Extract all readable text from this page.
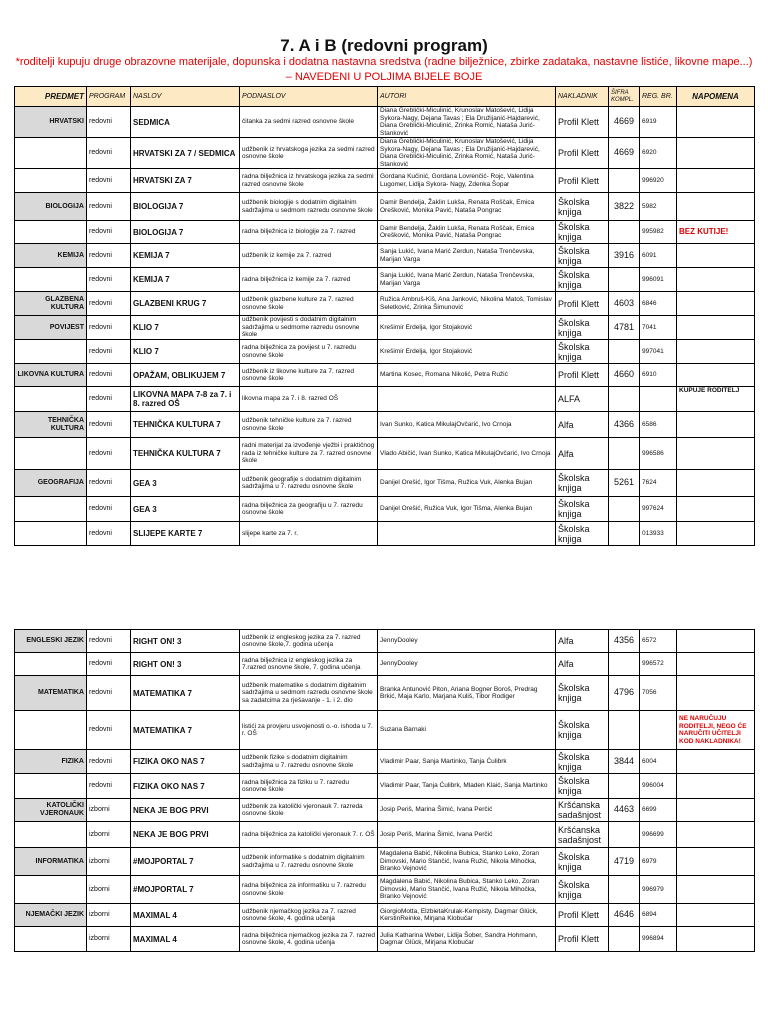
7. A i B (redovni program)
*roditelji kupuju druge obrazovne materijale, dopunska i dodatna nastavna sredstva (radne bilježnice, zbirke zadataka, nastavne listiće, likovne mape...) – NAVEDENI U POLJIMA BIJELE BOJE
PREDMET	PROGRAM	NASLOV	PODNASLOV	AUTORI	NAKLADNIK	ŠIFRA KOMPL.	REG. BR.	NAPOMENA
HRVATSKI	redovni	SEDMICA	čitanka za sedmi razred osnovne škole	Diana Greblički-Miculinić, Krunoslav Matošević, Lidija Sykora-Nagy, Dejana Tavas ; Ela Družijanić-Hajdarević, Diana Greblički-Miculinić, Zrinka Romić, Nataša Jurić-Stanković	Profil Klett	4669	6919	
	redovni	HRVATSKI ZA 7 / SEDMICA	udžbenik iz hrvatskoga jezika za sedmi razred osnovne škole	Diana Greblički-Miculinić, Krunoslav Matošević, Lidija Sykora-Nagy, Dejana Tavas ; Ela Družijanić-Hajdarević, Diana Greblički-Miculinić, Zrinka Romić, Nataša Jurić-Stanković	Profil Klett	4669	6920	
	redovni	HRVATSKI ZA 7	radna bilježnica iz hrvatskoga jezika za sedmi razred osnovne škole	Gordana Kučinić, Gordana Lovrenčić- Rojc, Valentina Lugomer, Lidija Sykora- Nagy, Zdenka Šopar	Profil Klett		996920	
BIOLOGIJA	redovni	BIOLOGIJA 7	udžbenik biologije s dodatnim digitalnim sadržajima u sedmom razredu osnovne škole	Damir Bendelja, Žaklin Lukša, Renata Roščak, Emica Orešković, Monika Pavić, Nataša Pongrac	Školska knjiga	3822	5982	
	redovni	BIOLOGIJA 7	radna bilježnica iz biologije za 7. razred	Damir Bendelja, Žaklin Lukša, Renata Roščak, Emica Orešković, Monika Pavić, Nataša Pongrac	Školska knjiga		995982	BEZ KUTIJE!
KEMIJA	redovni	KEMIJA 7	udžbenik iz kemije za 7. razred	Sanja Lukić, Ivana Marić Zerdun, Nataša Trenčevska, Marijan Varga	Školska knjiga	3916	6091	
	redovni	KEMIJA 7	radna bilježnica iz kemije za 7. razred	Sanja Lukić, Ivana Marić Zerdun, Nataša Trenčevska, Marijan Varga	Školska knjiga		996091	
GLAZBENA KULTURA	redovni	GLAZBENI KRUG 7	udžbenik glazbene kulture za 7. razred osnovne škole	Ružica Ambruš-Kiš, Ana Janković, Nikolina Matoš, Tomislav Seletković, Zrinka Šimunović	Profil Klett	4603	6846	
POVIJEST	redovni	KLIO 7	udžbenik povijesti s dodatnim digitalnim sadržajima u sedmome razredu osnovne škole	Krešimir Erdelja, Igor Stojaković	Školska knjiga	4781	7041	
	redovni	KLIO 7	radna bilježnica za povijest u 7. razredu osnovne škole	Krešimir Erdelja, Igor Stojaković	Školska knjiga		997041	
LIKOVNA KULTURA	redovni	OPAŽAM, OBLIKUJEM 7	udžbenik iz likovne kulture za 7. razred osnovne škole	Martina Kosec, Romana Nikolić, Petra Ružić	Profil Klett	4660	6910	
	redovni	LIKOVNA MAPA 7-8 za 7. i 8. razred OŠ	likovna mapa za 7. i 8. razred OŠ		ALFA			KUPUJE RODITELJ
TEHNIČKA KULTURA	redovni	TEHNIČKA KULTURA 7	udžbenik tehničke kulture za 7. razred osnovne škole	Ivan Sunko, Katica MikulajOvčarić, Ivo Crnoja	Alfa	4366	6586	
	redovni	TEHNIČKA KULTURA 7	radni materijal za izvođenje vježbi i praktičnog rada iz tehničke kulture za 7. razred osnovne škole	Vlado Abičić, Ivan Sunko, Katica MikulajOvčarić, Ivo Crnoja	Alfa		996586	
GEOGRAFIJA	redovni	GEA 3	udžbenik geografije s dodatnim digitalnim sadržajima u 7. razredu osnovne škole	Danijel Orešić, Igor Tišma, Ružica Vuk, Alenka Bujan	Školska knjiga	5261	7624	
	redovni	GEA 3	radna bilježnica za geografiju u 7. razredu osnovne škole	Danijel Orešić, Ružica Vuk, Igor Tišma, Alenka Bujan	Školska knjiga		997624	
	redovni	SLIJEPE KARTE 7	slijepe karte za 7. r.		Školska knjiga		013933	
ENGLESKI JEZIK	redovni	RIGHT ON! 3	udžbenik iz engleskog jezika za 7. razred osnovne škole,7. godina učenja	JennyDooley	Alfa	4356	6572	
	redovni	RIGHT ON! 3	radna bilježnica iz engleskog jezika za 7.razred osnovne škole, 7. godina učenja	JennyDooley	Alfa		996572	
MATEMATIKA	redovni	MATEMATIKA 7	udžbenik matematike s dodatnim digitalnim sadržajima u sedmom razredu osnovne škole sa zadatcima za rješavanje - 1. i 2. dio	Branka Antunović Piton, Ariana Bogner Boroš, Predrag Brkić, Maja Karlo, Marjana Kuliš, Tibor Rodiger	Školska knjiga	4796	7056	
	redovni	MATEMATIKA 7	listići za provjeru usvojenosti o.-o. ishoda u 7. r. OŠ	Suzana Barnaki	Školska knjiga			NE NARUČUJU RODITELJI, NEGO ĆE NARUČITI UČITELJI KOD NAKLADNIKA!
FIZIKA	redovni	FIZIKA OKO NAS 7	udžbenik fizike s dodatnim digitalnim sadržajima u 7. razredu osnovne škole	Vladimir Paar, Sanja Martinko, Tanja Ćulibrk	Školska knjiga	3844	6004	
	redovni	FIZIKA OKO NAS 7	radna bilježnica za fiziku u 7. razredu osnovne škole	Vladimir Paar, Tanja Ćulibrk, Mladen Klaić, Sanja Martinko	Školska knjiga		996004	
KATOLIČKI VJERONAUK	izborni	NEKA JE BOG PRVI	udžbenik za katolički vjeronauk 7. razreda osnovne škole	Josip Periš, Marina Šimić, Ivana Perčić	Kršćanska sadašnjost	4463	6699	
	izborni	NEKA JE BOG PRVI	radna bilježnica za katolički vjeronauk 7. r. OŠ	Josip Periš, Marina Šimić, Ivana Perčić	Kršćanska sadašnjost		996699	
INFORMATIKA	izborni	#MOJPORTAL 7	udžbenik informatike s dodatnim digitalnim sadržajima u 7. razredu osnovne škole	Magdalena Babić, Nikolina Bubica, Stanko Leko, Zoran Dimovski, Mario Stančić, Ivana Ružić, Nikola Mihočka, Branko Vejnović	Školska knjiga	4719	6979	
	izborni	#MOJPORTAL 7	radna bilježnica za informatiku u 7. razredu osnovne škole	Magdalena Babić, Nikolina Bubica, Stanko Leko, Zoran Dimovski, Mario Stančić, Ivana Ružić, Nikola Mihočka, Branko Vejnović	Školska knjiga		996979	
NJEMAČKI JEZIK	izborni	MAXIMAL 4	udžbenik njemačkog jezika za 7. razred osnovne škole, 4. godina učenja	GiorgioMotta, ElzbietaKrulak-Kempisty, Dagmar Glück, KerstinReinke, Mirjana Klobučar	Profil Klett	4646	6894	
	izborni	MAXIMAL 4	radna bilježnica njemačkog jezika za 7. razred osnovne škole, 4. godina učenja	Julia Katharina Weber, Lidija Šober, Sandra Hohmann, Dagmar Glück, Mirjana Klobučar	Profil Klett		996894	
